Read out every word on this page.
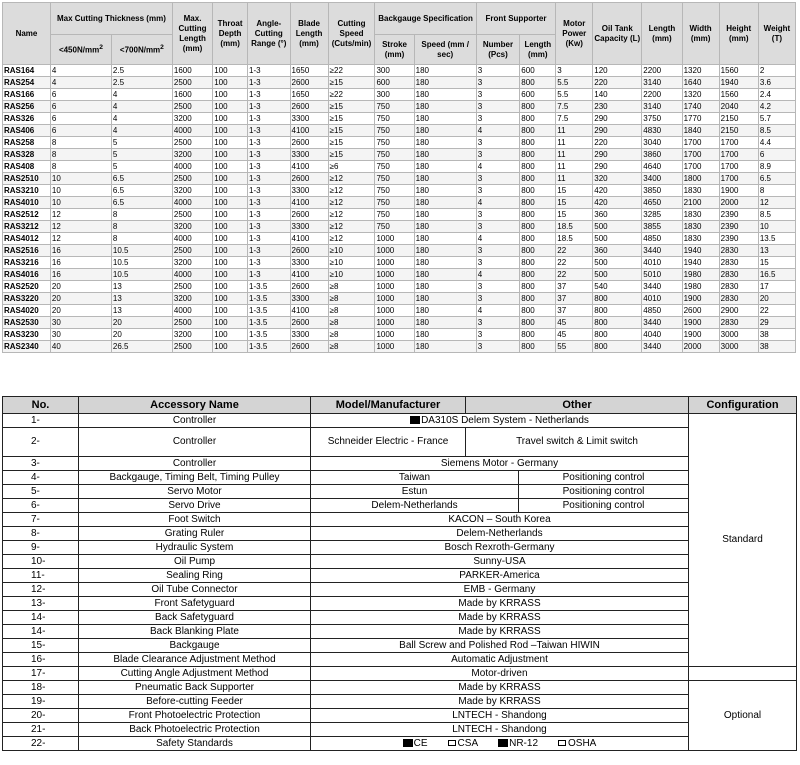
Name	Max Cutting Thickness (mm)		Max. Cutting Length (mm)	Throat Depth (mm)	Angle-Cutting Range (°)	Blade Length (mm)	Cutting Speed (Cuts/min)	Backgauge Specification		Front Supporter		Motor Power (Kw)	Oil Tank Capacity (L)	Length (mm)	Width (mm)	Height (mm)	Weight (T)
	$<450N/mm^2$	$<700N/mm^2$						Stroke (mm)	Speed (mm / sec)	Number (Pcs)	Length (mm)						
RAS164	4	2.5	1600	100	1-3	1650	≥22	300	180	3	600	3	120	2200	1320	1560	2
RAS254	4	2.5	2500	100	1-3	2600	≥15	600	180	3	800	5.5	220	3140	1640	1940	3.6
RAS166	6	4	1600	100	1-3	1650	≥22	300	180	3	600	5.5	140	2200	1320	1560	2.4
RAS256	6	4	2500	100	1-3	2600	≥15	750	180	3	800	7.5	230	3140	1740	2040	4.2
RAS326	6	4	3200	100	1-3	3300	≥15	750	180	3	800	7.5	290	3750	1770	2150	5.7
RAS406	6	4	4000	100	1-3	4100	≥15	750	180	4	800	11	290	4830	1840	2150	8.5
RAS258	8	5	2500	100	1-3	2600	≥15	750	180	3	800	11	220	3040	1700	1700	4.4
RAS328	8	5	3200	100	1-3	3300	≥15	750	180	3	800	11	290	3860	1700	1700	6
RAS408	8	5	4000	100	1-3	4100	≥6	750	180	4	800	11	290	4640	1700	1700	8.9
RAS2510	10	6.5	2500	100	1-3	2600	≥12	750	180	3	800	11	320	3400	1800	1700	6.5
RAS3210	10	6.5	3200	100	1-3	3300	≥12	750	180	3	800	15	420	3850	1830	1900	8
RAS4010	10	6.5	4000	100	1-3	4100	≥12	750	180	4	800	15	420	4650	2100	2000	12
RAS2512	12	8	2500	100	1-3	2600	≥12	750	180	3	800	15	360	3285	1830	2390	8.5
RAS3212	12	8	3200	100	1-3	3300	≥12	750	180	3	800	18.5	500	3855	1830	2390	10
RAS4012	12	8	4000	100	1-3	4100	≥12	1000	180	4	800	18.5	500	4850	1830	2390	13.5
RAS2516	16	10.5	2500	100	1-3	2600	≥10	1000	180	3	800	22	360	3440	1940	2830	13
RAS3216	16	10.5	3200	100	1-3	3300	≥10	1000	180	3	800	22	500	4010	1940	2830	15
RAS4016	16	10.5	4000	100	1-3	4100	≥10	1000	180	4	800	22	500	5010	1980	2830	16.5
RAS2520	20	13	2500	100	1-3.5	2600	≥8	1000	180	3	800	37	540	3440	1980	2830	17
RAS3220	20	13	3200	100	1-3.5	3300	≥8	1000	180	3	800	37	800	4010	1900	2830	20
RAS4020	20	13	4000	100	1-3.5	4100	≥8	1000	180	4	800	37	800	4850	2600	2900	22
RAS2530	30	20	2500	100	1-3.5	2600	≥8	1000	180	3	800	45	800	3440	1900	2830	29
RAS3230	30	20	3200	100	1-3.5	3300	≥8	1000	180	3	800	45	800	4040	1900	3000	38
RAS2340	40	26.5	2500	100	1-3.5	2600	≥8	1000	180	3	800	55	800	3440	2000	3000	38
No.	Accessory Name	Model/Manufacturer	Other		Configuration
1-	Controller	DA310S Delem System - Netherlands			Standard
2-	Controller	Schneider Electric - France	Travel switch & Limit switch		
3-	Controller	Siemens Motor - Germany			
4-	Backgauge, Timing Belt, Timing Pulley	Taiwan		Positioning control	
5-	Servo Motor	Estun		Positioning control	
6-	Servo Drive	Delem-Netherlands		Positioning control	
7-	Foot Switch	KACON – South Korea			
8-	Grating Ruler	Delem-Netherlands			
9-	Hydraulic System	Bosch Rexroth-Germany			
10-	Oil Pump	Sunny-USA			
11-	Sealing Ring	PARKER-America			
12-	Oil Tube Connector	EMB - Germany			
13-	Front Safetyguard	Made by KRRASS			
14-	Back Safetyguard	Made by KRRASS			
14-	Back Blanking Plate	Made by KRRASS			
15-	Backgauge	Ball Screw and Polished Rod –Taiwan HIWIN			
16-	Blade Clearance Adjustment Method	Automatic Adjustment			
17-	Cutting Angle Adjustment Method	Motor-driven			
18-	Pneumatic Back Supporter	Made by KRRASS			Optional
19-	Before-cutting Feeder	Made by KRRASS			
20-	Front Photoelectric Protection	LNTECH - Shandong			
21-	Back Photoelectric Protection	LNTECH - Shandong			
22-	Safety Standards	CE CSA NR-12 OSHA			
